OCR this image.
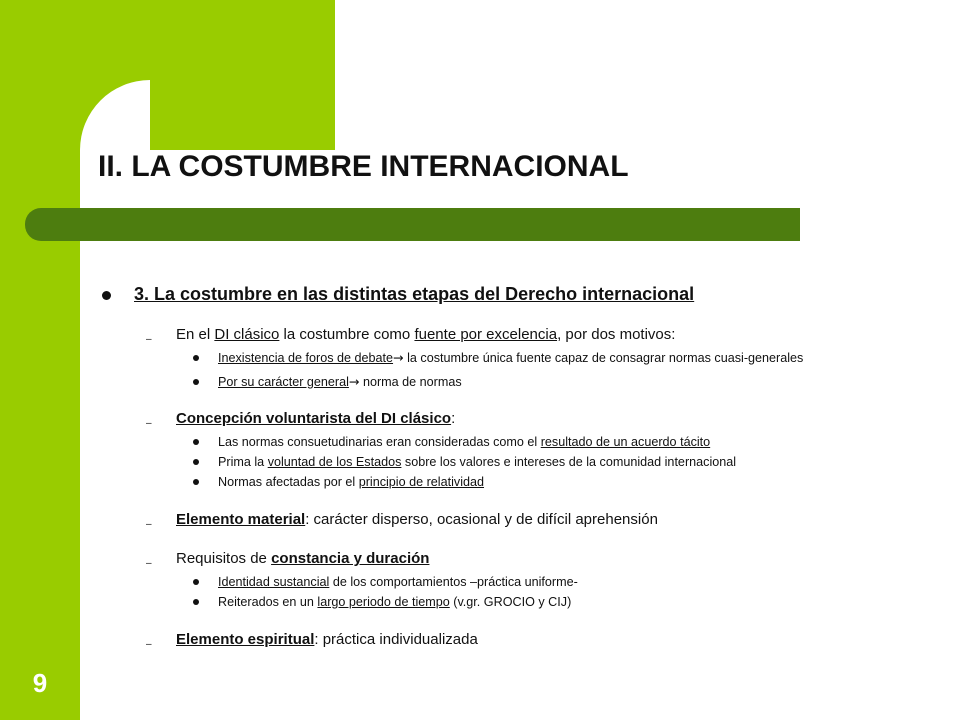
II. LA COSTUMBRE INTERNACIONAL
9
3. La costumbre en las distintas etapas del Derecho internacional
– En el DI clásico la costumbre como fuente por excelencia, por dos motivos:
Inexistencia de foros de debate→ la costumbre única fuente capaz de consagrar normas cuasi-generales
Por su carácter general→ norma de normas
– Concepción voluntarista del DI clásico:
Las normas consuetudinarias eran consideradas como el resultado de un acuerdo tácito
Prima la voluntad de los Estados sobre los valores e intereses de la comunidad internacional
Normas afectadas por el principio de relatividad
– Elemento material: carácter disperso, ocasional y de difícil aprehensión
– Requisitos de constancia y duración
Identidad sustancial de los comportamientos –práctica uniforme-
Reiterados en un largo periodo de tiempo (v.gr. GROCIO y CIJ)
– Elemento espiritual: práctica individualizada
